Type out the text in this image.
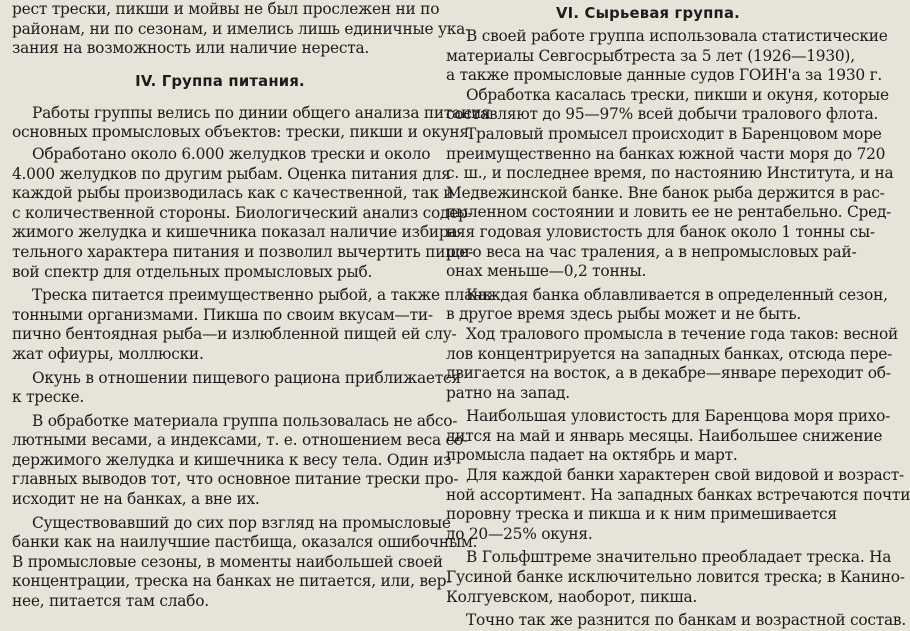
рест трески, пикши и мойвы не был прослежен ни по
районам, ни по сезонам, и имелись лишь единичные ука-
зания на возможность или наличие нереста.
IV. Группа питания.
Работы группы велись по динии общего анализа питания
основных промысловых объектов: трески, пикши и окуня.
Обработано около 6.000 желудков трески и около
4.000 желудков по другим рыбам. Оценка питания для
каждой рыбы производилась как с качественной, так и
с количественной стороны. Биологический анализ содер-
жимого желудка и кишечника показал наличие избира-
тельного характера питания и позволил вычертить пище-
вой спектр для отдельных промысловых рыб.
Треска питается преимущественно рыбой, а также планк-
тонными организмами. Пикша по своим вкусам—ти-
пично бентоядная рыба—и излюбленной пищей ей слу-
жат офиуры, моллюски.
Окунь в отношении пищевого рациона приближается
к треске.
В обработке материала группа пользовалась не абсо-
лютными весами, а индексами, т. е. отношением веса со-
держимого желудка и кишечника к весу тела. Один из
главных выводов тот, что основное питание трески про-
исходит не на банках, а вне их.
Существовавший до сих пор взгляд на промысловые
банки как на наилучшие пастбища, оказался ошибочным.
В промысловые сезоны, в моменты наибольшей своей
концентрации, треска на банках не питается, или, вер-
нее, питается там слабо.
VI. Сырьевая группа.
В своей работе группа использовала статистические
материалы Севгосрыбтреста за 5 лет (1926—1930),
а также промысловые данные судов ГОИН'а за 1930 г.
Обработка касалась трески, пикши и окуня, которые
составляют до 95—97% всей добычи тралового флота.
Траловый промысел происходит в Баренцовом море
преимущественно на банках южной части моря до 720
с. ш., и последнее время, по настоянию Института, и на
Медвежинской банке. Вне банок рыба держится в рас-
пыленном состоянии и ловить ее не рентабельно. Сред-
няя годовая уловистость для банок около 1 тонны сы-
рого веса на час траления, а в непромысловых рай-
онах меньше—0,2 тонны.
Каждая банка облавливается в определенный сезон,
в другое время здесь рыбы может и не быть.
Ход тралового промысла в течение года таков: весной
лов концентрируется на западных банках, отсюда пере-
двигается на восток, а в декабре—январе переходит об-
ратно на запад.
Наибольшая уловистость для Баренцова моря прихо-
дится на май и январь месяцы. Наибольшее снижение
промысла падает на октябрь и март.
Для каждой банки характерен свой видовой и возраст-
ной ассортимент. На западных банках встречаются почти
поровну треска и пикша и к ним примешивается
до 20—25% окуня.
В Гольфштреме значительно преобладает треска. На
Гусиной банке исключительно ловится треска; в Канино-
Колгуевском, наоборот, пикша.
Точно так же разнится по банкам и возрастной состав.
